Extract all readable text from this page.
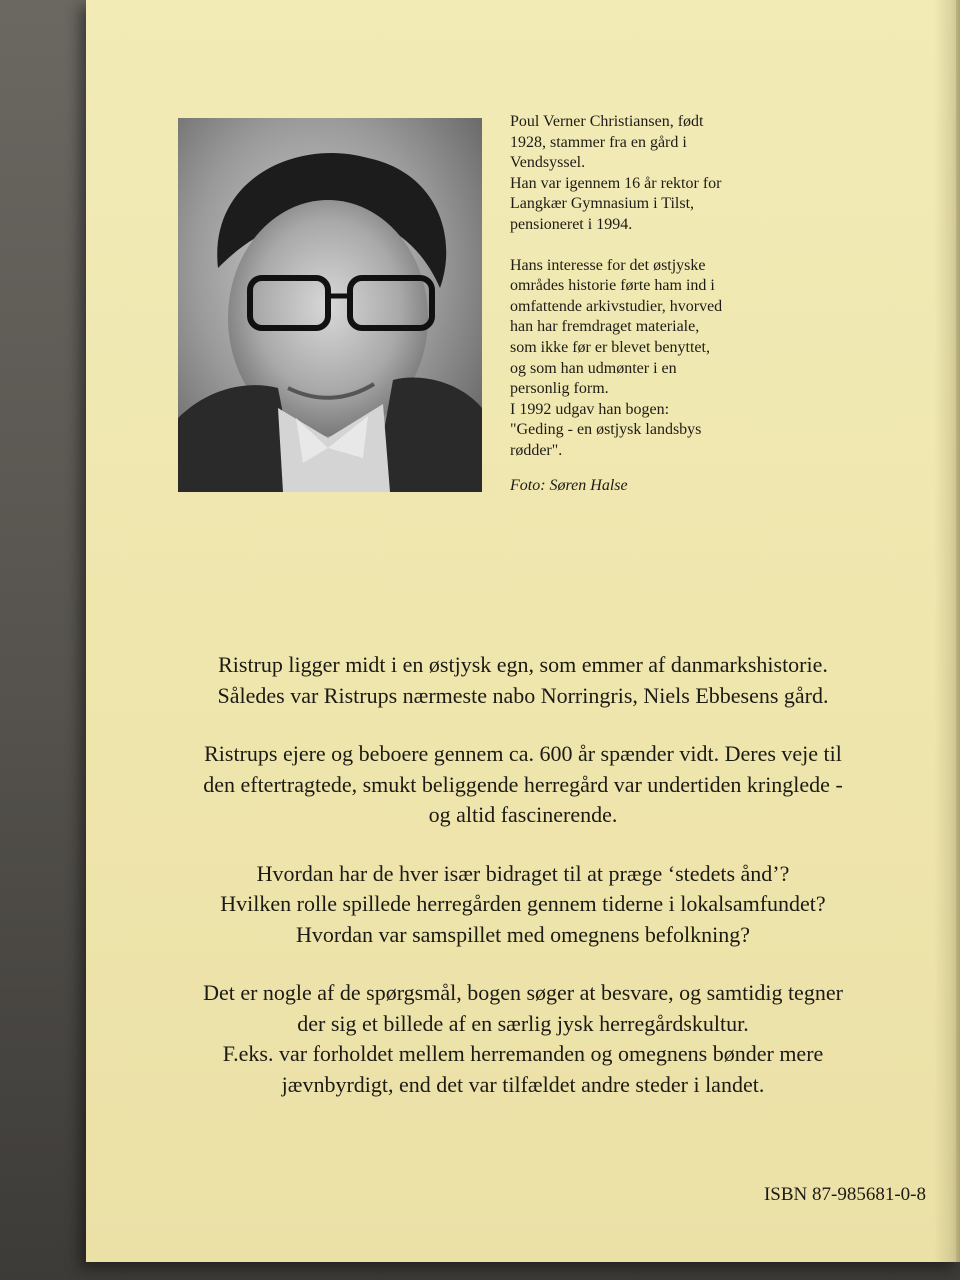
Poul Verner Christiansen, født

1928, stammer fra en gård i

Vendsyssel.

Han var igennem 16 år rektor for

Langkær Gymnasium i Tilst,

pensioneret i 1994.

Hans interesse for det østjyske

områdes historie førte ham ind i

omfattende arkivstudier, hvorved

han har fremdraget materiale,

som ikke før er blevet benyttet,

og som han udmønter i en

personlig form.

I 1992 udgav han bogen:

"Geding - en østjysk landsbys

rødder".

Foto: Søren Halse

Ristrup ligger midt i en østjysk egn, som emmer af danmarkshistorie.
Således var Ristrups nærmeste nabo Norringris, Niels Ebbesens gård.

Ristrups ejere og beboere gennem ca. 600 år spænder vidt. Deres veje til
den eftertragtede, smukt beliggende herregård var undertiden kringlede -
og altid fascinerende.

Hvordan har de hver især bidraget til at præge ‘stedets ånd’?
Hvilken rolle spillede herregården gennem tiderne i lokalsamfundet?
Hvordan var samspillet med omegnens befolkning?

Det er nogle af de spørgsmål, bogen søger at besvare, og samtidig tegner
der sig et billede af en særlig jysk herregårdskultur.
F.eks. var forholdet mellem herremanden og omegnens bønder mere
jævnbyrdigt, end det var tilfældet andre steder i landet.

ISBN 87-985681-0-8
